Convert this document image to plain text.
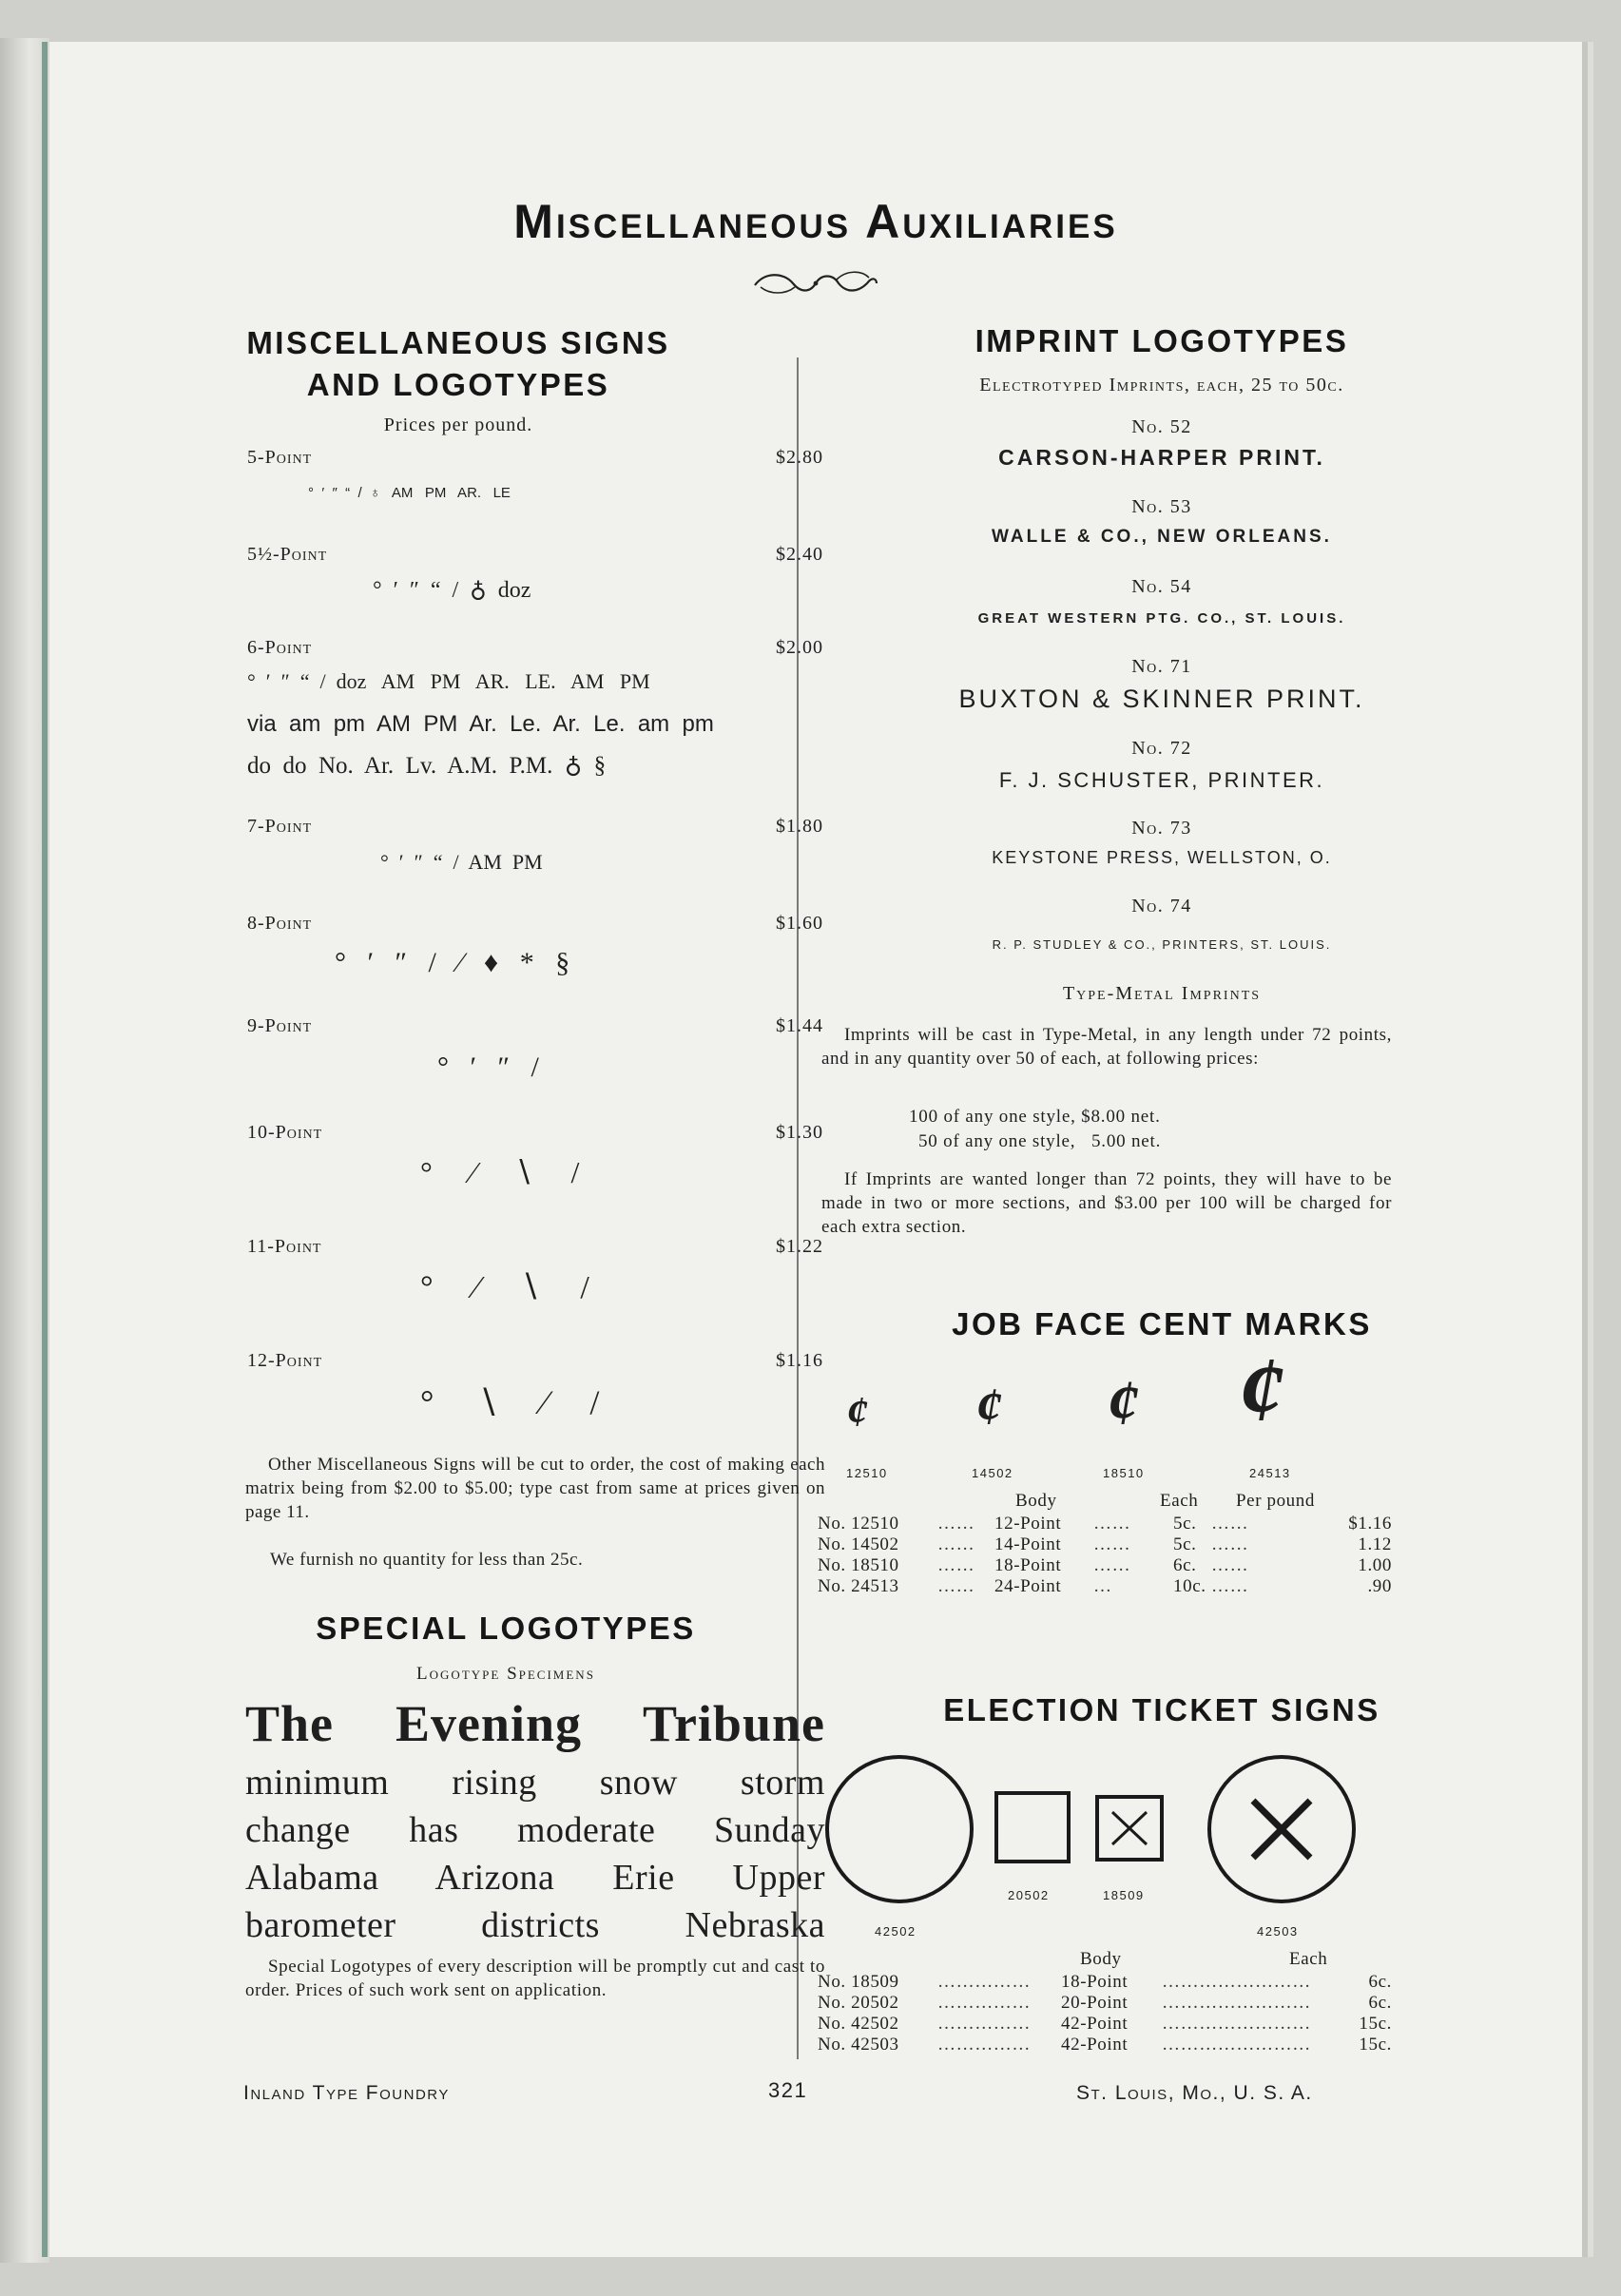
Miscellaneous Auxiliaries
MISCELLANEOUS SIGNS
AND LOGOTYPES
Prices per pound.
5-Point	$2.80
°  ′  ″  “  /  ♁   AM   PM   AR.   LE
5½-Point	$2.40
°  ′  ″  “  /  ♁  doz
6-Point	$2.00
°  ′  ″  “  /  doz   AM   PM   AR.   LE.   AM   PM
via  am  pm  AM  PM  Ar.  Le.  Ar.  Le.  am  pm
do  do  No.  Ar.  Lv.  A.M.  P.M.  ♁  §
7-Point	$1.80
°  ′  ″  “  /  AM  PM
8-Point	$1.60
°   ′   ″   /   ⁄   ♦   *   §
9-Point	$1.44
°   ′   ″   /
10-Point	$1.30
°     ⁄     ∖     /
11-Point	$1.22
°     ⁄     ∖     /
12-Point	$1.16
°     ∖     ⁄     /
Other Miscellaneous Signs will be cut to order, the cost of making each matrix being from $2.00 to $5.00; type cast from same at prices given on page 11.
We furnish no quantity for less than 25c.
SPECIAL LOGOTYPES
Logotype Specimens
The Evening Tribune
minimum rising snow storm
change has moderate Sunday
Alabama Arizona Erie Upper
barometer districts Nebraska
Special Logotypes of every description will be promptly cut and cast to order. Prices of such work sent on application.
IMPRINT LOGOTYPES
Electrotyped Imprints, each, 25 to 50c.
No. 52
CARSON-HARPER PRINT.
No. 53
WALLE & CO., NEW ORLEANS.
No. 54
GREAT WESTERN PTG. CO., ST. LOUIS.
No. 71
BUXTON & SKINNER PRINT.
No. 72
F. J. SCHUSTER, PRINTER.
No. 73
KEYSTONE PRESS, WELLSTON, O.
No. 74
R. P. STUDLEY & CO., PRINTERS, ST. LOUIS.
Type-Metal Imprints
Imprints will be cast in Type-Metal, in any length under 72 points, and in any quantity over 50 of each, at following prices:
100 of any one style, $8.00 net.
50 of any one style,   5.00 net.
If Imprints are wanted longer than 72 points, they will have to be made in two or more sections, and $3.00 per 100 will be charged for each extra section.
JOB FACE CENT MARKS
¢ ¢ ¢ ¢
12510	14502	18510	24513
Body	Each Per pound
No. 12510	……	12-Point	……	5c.	……	$1.16
No. 14502	……	14-Point	……	5c.	……	1.12
No. 18510	……	18-Point	……	6c.	……	1.00
No. 24513	……	24-Point	…	10c.	……	.90
ELECTION TICKET SIGNS
42502
20502	18509
42503
Body	Each
No. 18509	……………	18-Point	……………………	6c.
No. 20502	……………	20-Point	……………………	6c.
No. 42502	……………	42-Point	……………………	15c.
No. 42503	……………	42-Point	……………………	15c.
Inland Type Foundry	321	St. Louis, Mo., U. S. A.
